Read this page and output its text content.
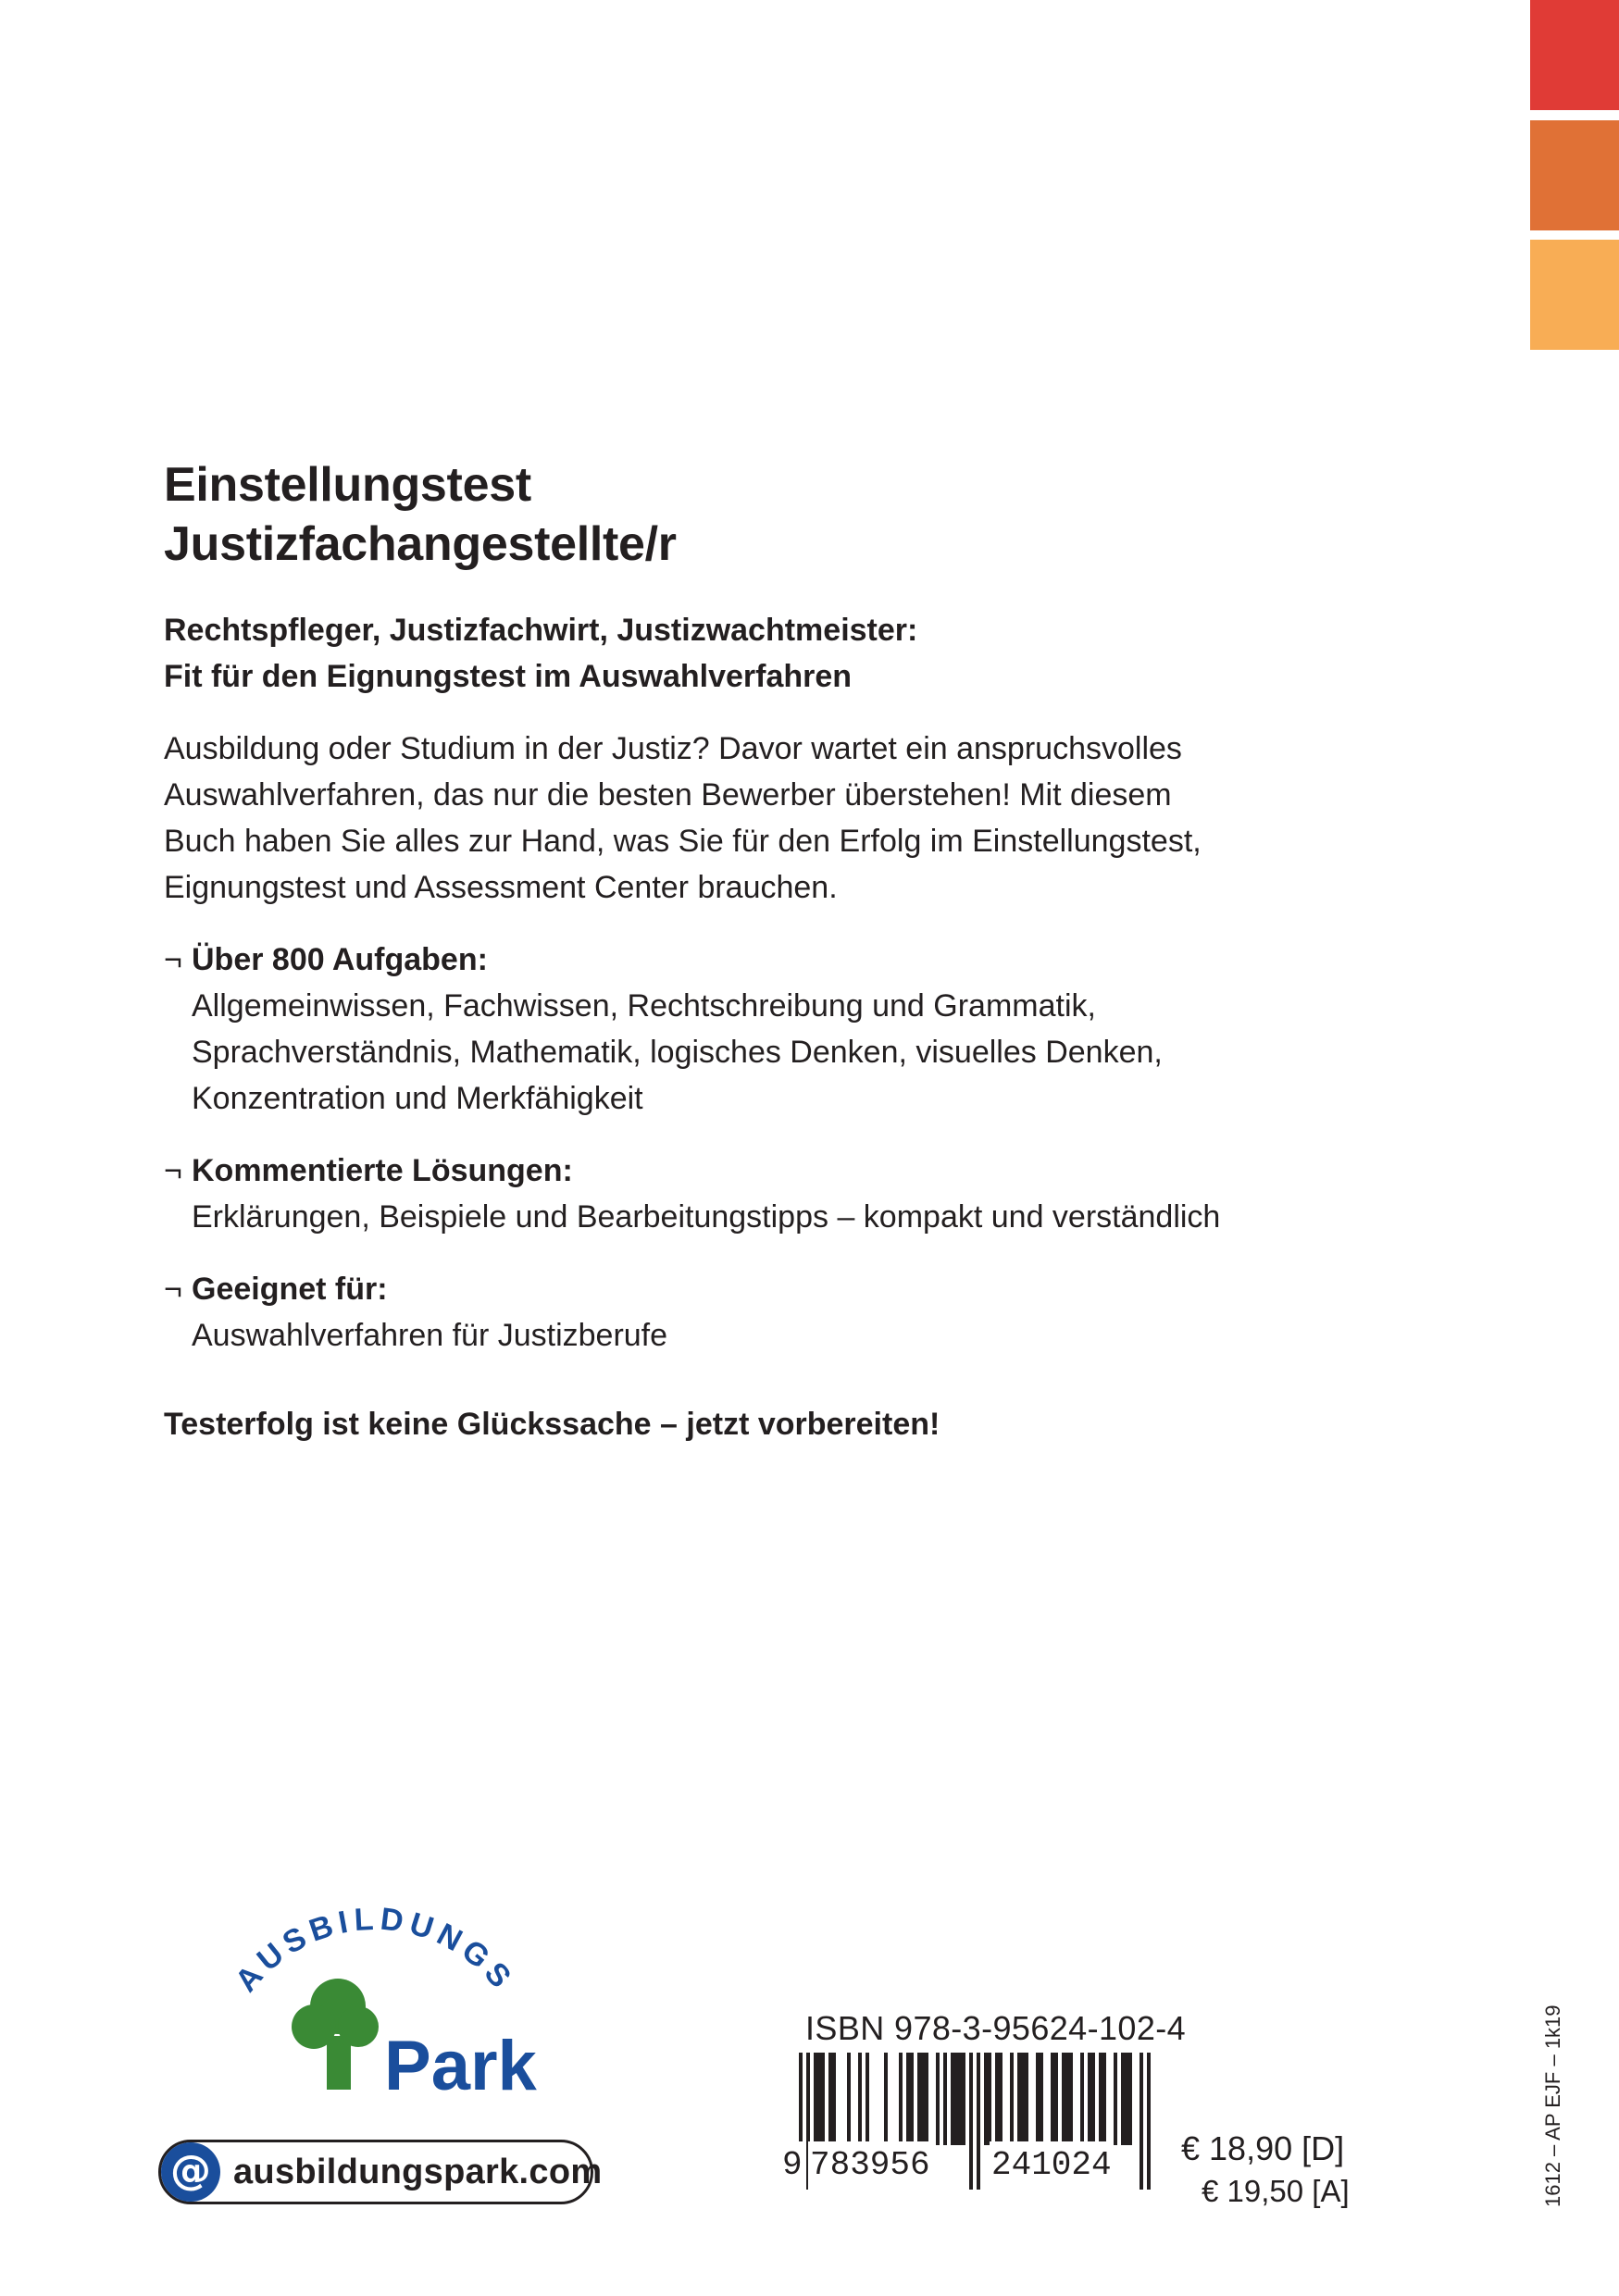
Einstellungstest
Justizfachangestellte/r
Rechtspfleger, Justizfachwirt, Justizwachtmeister:
Fit für den Eignungstest im Auswahlverfahren
Ausbildung oder Studium in der Justiz? Davor wartet ein anspruchsvolles
Auswahlverfahren, das nur die besten Bewerber überstehen! Mit diesem
Buch haben Sie alles zur Hand, was Sie für den Erfolg im Einstellungstest,
Eignungstest und Assessment Center brauchen.
¬ Über 800 Aufgaben:
Allgemeinwissen, Fachwissen, Rechtschreibung und Grammatik,
Sprachverständnis, Mathematik, logisches Denken, visuelles Denken,
Konzentration und Merkfähigkeit
¬ Kommentierte Lösungen:
Erklärungen, Beispiele und Bearbeitungstipps – kompakt und verständlich
¬ Geeignet für:
Auswahlverfahren für Justizberufe
Testerfolg ist keine Glückssache – jetzt vorbereiten!
AUSBILDUNGS
Park
@ ausbildungspark.com
ISBN 978-3-95624-102-4
9 783956 241024 € 18,90 [D]
€ 19,50 [A]	1612 – AP EJF – 1k19
